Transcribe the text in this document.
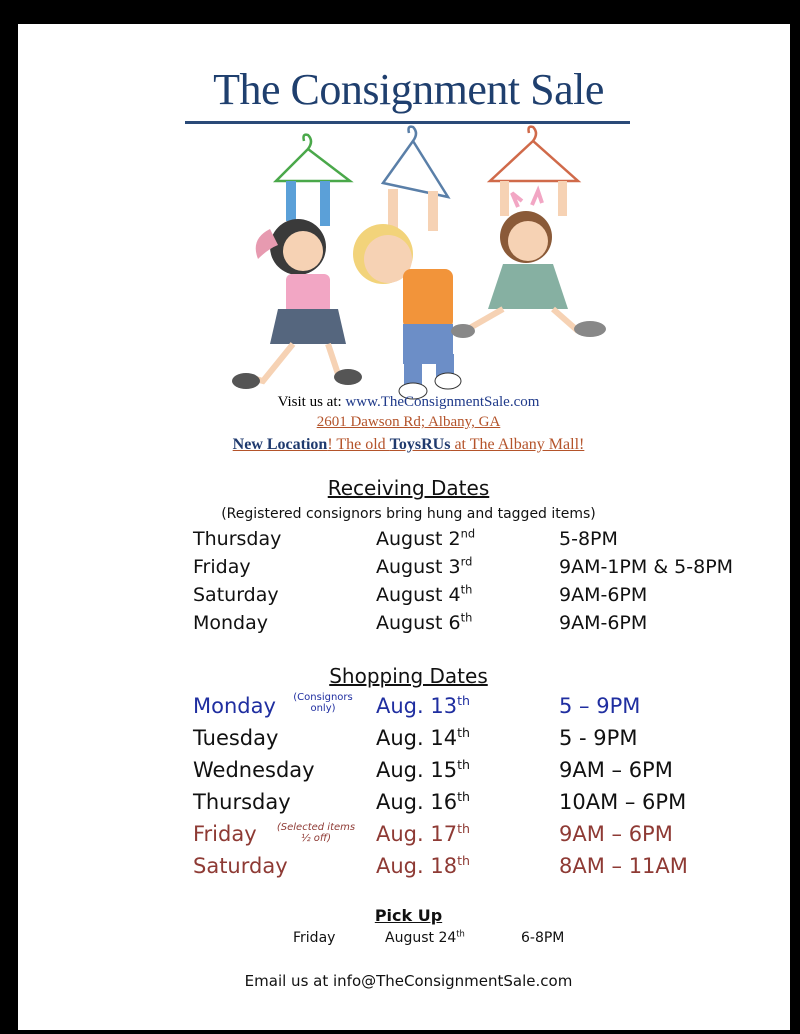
The Consignment Sale
Visit us at: www.TheConsignmentSale.com
2601 Dawson Rd; Albany, GA
New Location! The old ToysRUs at The Albany Mall!
Receiving Dates
(Registered consignors bring hung and tagged items)
Thursday	August 2nd	5-8PM
Friday	August 3rd	9AM-1PM & 5-8PM
Saturday	August 4th	9AM-6PM
Monday	August 6th	9AM-6PM
Shopping Dates
Monday	(Consignors only)	Aug. 13th	5 – 9PM
Tuesday	Aug. 14th	5 - 9PM
Wednesday	Aug. 15th	9AM – 6PM
Thursday	Aug. 16th	10AM – 6PM
Friday	(Selected items ½ off)	Aug. 17th	9AM – 6PM
Saturday	Aug. 18th	8AM – 11AM
Pick Up
Friday	August 24th	6-8PM
Email us at info@TheConsignmentSale.com
